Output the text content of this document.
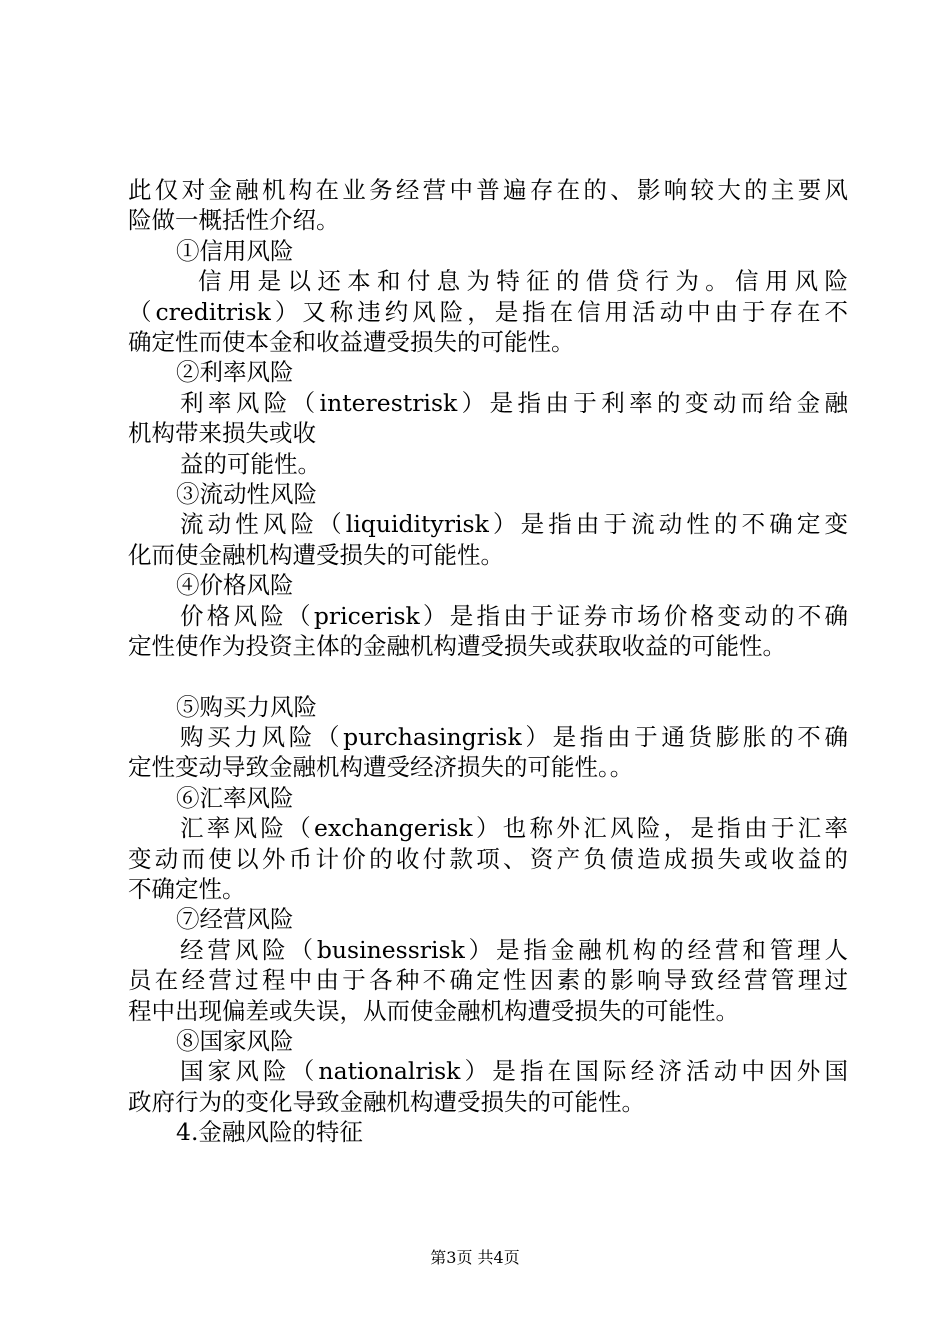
此仅对金融机构在业务经营中普遍存在的、影响较大的主要风
险做一概括性介绍。
①信用风险
信用是以还本和付息为特征的借贷行为。信用风险
（creditrisk）又称违约风险，是指在信用活动中由于存在不
确定性而使本金和收益遭受损失的可能性。
②利率风险
利率风险（interestrisk）是指由于利率的变动而给金融
机构带来损失或收
益的可能性。
③流动性风险
流动性风险（liquidityrisk）是指由于流动性的不确定变
化而使金融机构遭受损失的可能性。
④价格风险
价格风险（pricerisk）是指由于证券市场价格变动的不确
定性使作为投资主体的金融机构遭受损失或获取收益的可能性。
⑤购买力风险
购买力风险（purchasingrisk）是指由于通货膨胀的不确
定性变动导致金融机构遭受经济损失的可能性。。
⑥汇率风险
汇率风险（exchangerisk）也称外汇风险，是指由于汇率
变动而使以外币计价的收付款项、资产负债造成损失或收益的
不确定性。
⑦经营风险
经营风险（businessrisk）是指金融机构的经营和管理人
员在经营过程中由于各种不确定性因素的影响导致经营管理过
程中出现偏差或失误，从而使金融机构遭受损失的可能性。
⑧国家风险
国家风险（nationalrisk）是指在国际经济活动中因外国
政府行为的变化导致金融机构遭受损失的可能性。
4.金融风险的特征
第3页 共4页
